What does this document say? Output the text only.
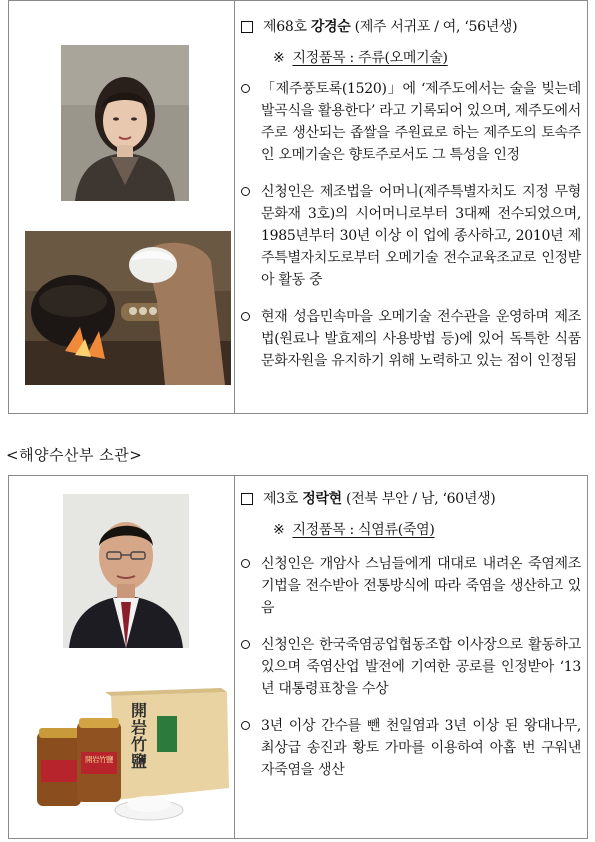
제68호
강경순
(제주 서귀포 / 여, ‘56년생)
※ 지정품목 : 주류(오메기술)
「제주풍토록(1520)」에 ‘제주도에서는 술을 빚는데 발곡식을 활용한다’ 라고 기록되어 있으며, 제주도에서 주로 생산되는 좁쌀을 주원료로 하는 제주도의 토속주인 오메기술은 향토주로서도 그 특성을 인정
신청인은 제조법을 어머니(제주특별자치도 지정 무형문화재 3호)의 시어머니로부터 3대째 전수되었으며, 1985년부터 30년 이상 이 업에 종사하고, 2010년 제주특별자치도로부터 오메기술 전수교육조교로 인정받아 활동 중
현재 성읍민속마을 오메기술 전수관을 운영하며 제조법(원료나 발효제의 사용방법 등)에 있어 독특한 식품문화자원을 유지하기 위해 노력하고 있는 점이 인정됨
<해양수산부 소관>
開岩竹鹽
開岩竹鹽
제3호
정락현
(전북 부안 / 남, ‘60년생)
※ 지정품목 : 식염류(죽염)
신청인은 개암사 스님들에게 대대로 내려온 죽염제조기법을 전수받아 전통방식에 따라 죽염을 생산하고 있음
신청인은 한국죽염공업협동조합 이사장으로 활동하고 있으며 죽염산업 발전에 기여한 공로를 인정받아 ‘13년 대통령표창을 수상
3년 이상 간수를 뺀 천일염과 3년 이상 된 왕대나무, 최상급 송진과 황토 가마를 이용하여 아홉 번 구워낸 자죽염을 생산
